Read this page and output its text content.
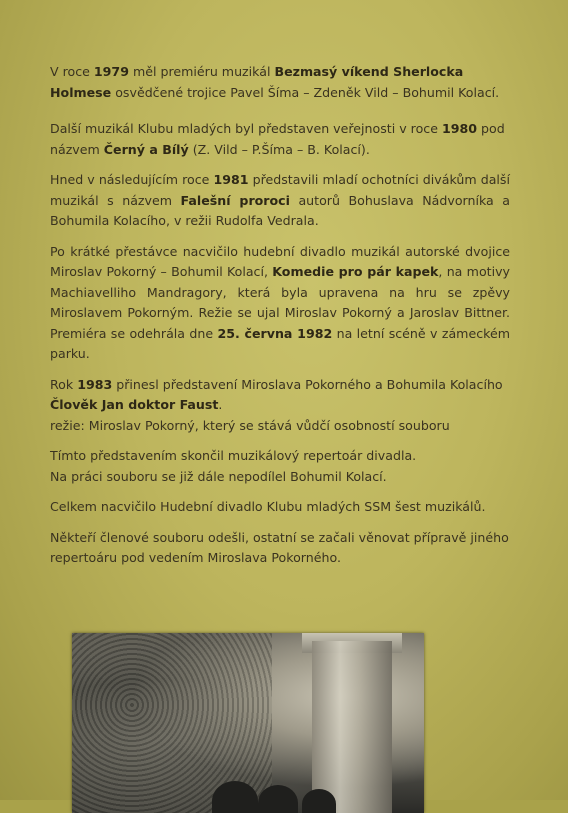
V roce 1979 měl premiéru muzikál Bezmasý víkend Sherlocka Holmese osvědčené trojice Pavel Šíma – Zdeněk Vild – Bohumil Kolací.

Další muzikál Klubu mladých byl představen veřejnosti v roce 1980 pod názvem Černý a Bílý (Z. Vild – P.Šíma – B. Kolací).

Hned v následujícím roce 1981 představili mladí ochotníci divákům další muzikál s názvem Falešní proroci autorů Bohuslava Nádvorníka a Bohumila Kolacího, v režii Rudolfa Vedrala.

Po krátké přestávce nacvičilo hudební divadlo muzikál autorské dvojice Miroslav Pokorný – Bohumil Kolací, Komedie pro pár kapek, na motivy Machiavelliho Mandragory, která byla upravena na hru se zpěvy Miroslavem Pokorným. Režie se ujal Miroslav Pokorný a Jaroslav Bittner. Premiéra se odehrála dne 25. června 1982 na letní scéně v zámeckém parku.

Rok 1983 přinesl představení Miroslava Pokorného a Bohumila Kolacího Člověk Jan doktor Faust.
režie: Miroslav Pokorný, který se stává vůdčí osobností souboru

Tímto představením skončil muzikálový repertoár divadla.
Na práci souboru se již dále nepodílel Bohumil Kolací.

Celkem nacvičilo Hudební divadlo Klubu mladých SSM šest muzikálů.

Někteří členové souboru odešli, ostatní se začali věnovat přípravě jiného repertoáru pod vedením Miroslava Pokorného.
